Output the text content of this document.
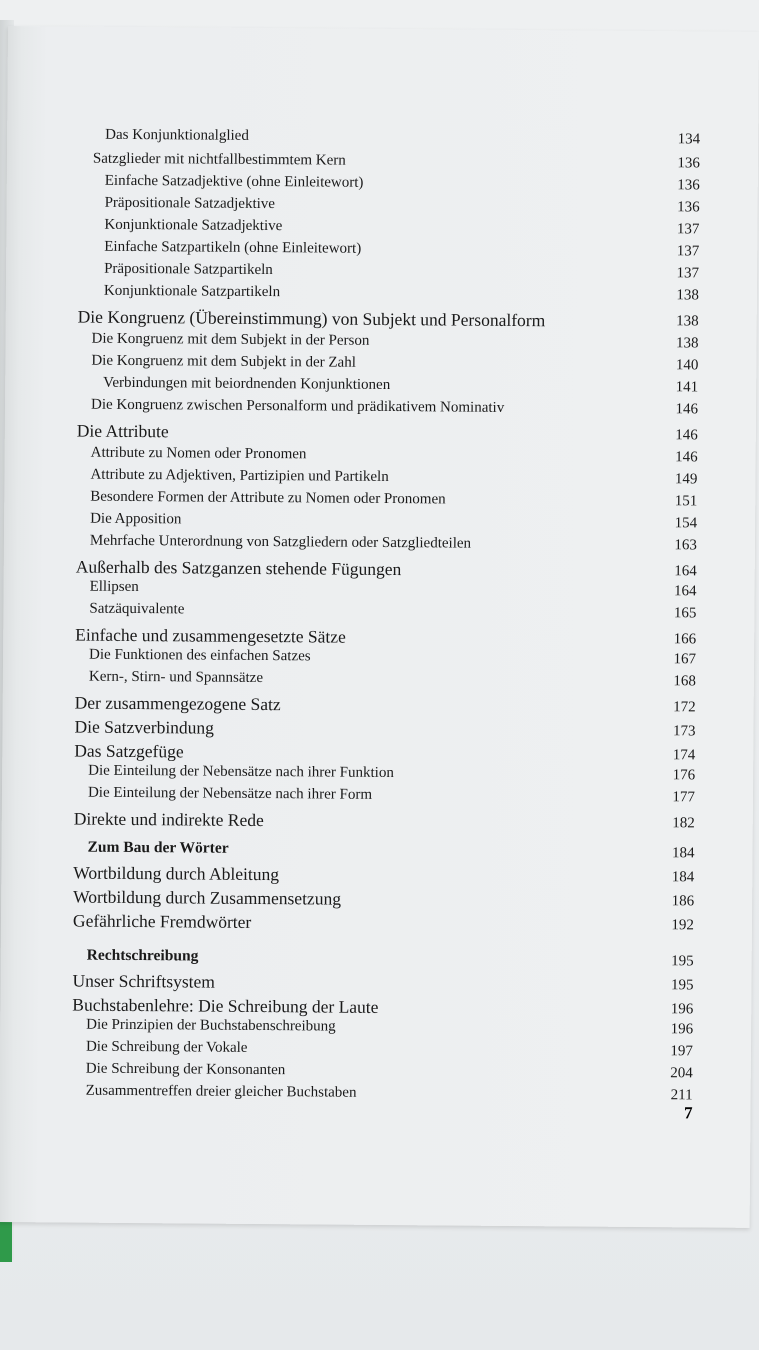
Das Konjunktionalglied	134
Satzglieder mit nichtfallbestimmtem Kern	136
Einfache Satzadjektive (ohne Einleitewort)	136
Präpositionale Satzadjektive	136
Konjunktionale Satzadjektive	137
Einfache Satzpartikeln (ohne Einleitewort)	137
Präpositionale Satzpartikeln	137
Konjunktionale Satzpartikeln	138
Die Kongruenz (Übereinstimmung) von Subjekt und Personalform	138
Die Kongruenz mit dem Subjekt in der Person	138
Die Kongruenz mit dem Subjekt in der Zahl	140
Verbindungen mit beiordnenden Konjunktionen	141
Die Kongruenz zwischen Personalform und prädikativem Nominativ	146
Die Attribute	146
Attribute zu Nomen oder Pronomen	146
Attribute zu Adjektiven, Partizipien und Partikeln	149
Besondere Formen der Attribute zu Nomen oder Pronomen	151
Die Apposition	154
Mehrfache Unterordnung von Satzgliedern oder Satzgliedteilen	163
Außerhalb des Satzganzen stehende Fügungen	164
Ellipsen	164
Satzäquivalente	165
Einfache und zusammengesetzte Sätze	166
Die Funktionen des einfachen Satzes	167
Kern-, Stirn- und Spannsätze	168
Der zusammengezogene Satz	172
Die Satzverbindung	173
Das Satzgefüge	174
Die Einteilung der Nebensätze nach ihrer Funktion	176
Die Einteilung der Nebensätze nach ihrer Form	177
Direkte und indirekte Rede	182
Zum Bau der Wörter	184
Wortbildung durch Ableitung	184
Wortbildung durch Zusammensetzung	186
Gefährliche Fremdwörter	192
Rechtschreibung	195
Unser Schriftsystem	195
Buchstabenlehre: Die Schreibung der Laute	196
Die Prinzipien der Buchstabenschreibung	196
Die Schreibung der Vokale	197
Die Schreibung der Konsonanten	204
Zusammentreffen dreier gleicher Buchstaben	211
7
